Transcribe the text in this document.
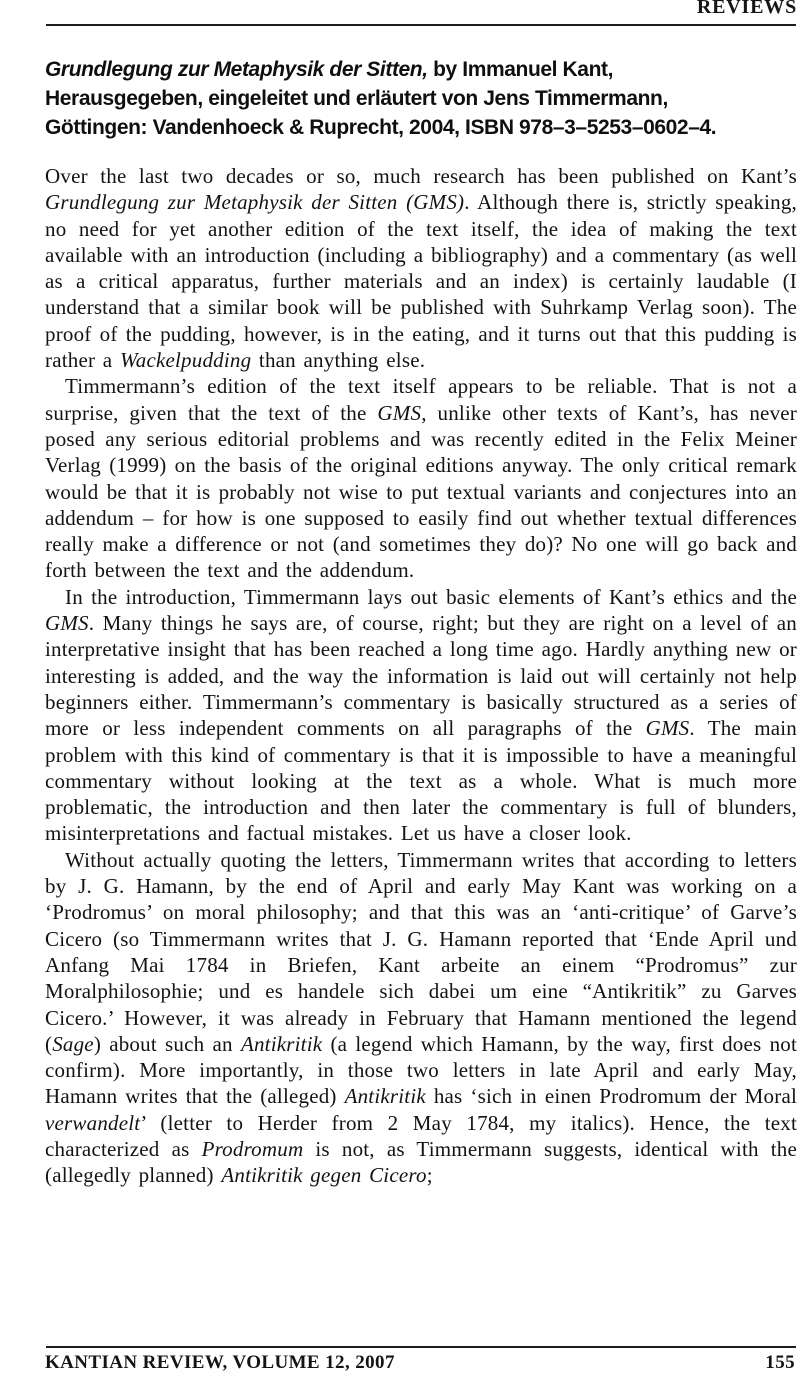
REVIEWS
Grundlegung zur Metaphysik der Sitten, by Immanuel Kant, Herausgegeben, eingeleitet und erläutert von Jens Timmermann, Göttingen: Vandenhoeck & Ruprecht, 2004, ISBN 978–3–5253–0602–4.

Over the last two decades or so, much research has been published on Kant’s Grundlegung zur Metaphysik der Sitten (GMS). Although there is, strictly speaking, no need for yet another edition of the text itself, the idea of making the text available with an introduction (including a bibliography) and a commentary (as well as a critical apparatus, further materials and an index) is certainly laudable (I understand that a similar book will be published with Suhrkamp Verlag soon). The proof of the pudding, however, is in the eating, and it turns out that this pudding is rather a Wackelpudding than anything else.

Timmermann’s edition of the text itself appears to be reliable. That is not a surprise, given that the text of the GMS, unlike other texts of Kant’s, has never posed any serious editorial problems and was recently edited in the Felix Meiner Verlag (1999) on the basis of the original editions anyway. The only critical remark would be that it is probably not wise to put textual variants and conjectures into an addendum – for how is one supposed to easily find out whether textual differences really make a difference or not (and sometimes they do)? No one will go back and forth between the text and the addendum.

In the introduction, Timmermann lays out basic elements of Kant’s ethics and the GMS. Many things he says are, of course, right; but they are right on a level of an interpretative insight that has been reached a long time ago. Hardly anything new or interesting is added, and the way the information is laid out will certainly not help beginners either. Timmermann’s commentary is basically structured as a series of more or less independent comments on all paragraphs of the GMS. The main problem with this kind of commentary is that it is impossible to have a meaningful commentary without looking at the text as a whole. What is much more problematic, the introduction and then later the commentary is full of blunders, misinterpretations and factual mistakes. Let us have a closer look.

Without actually quoting the letters, Timmermann writes that according to letters by J. G. Hamann, by the end of April and early May Kant was working on a ‘Prodromus’ on moral philosophy; and that this was an ‘anti-critique’ of Garve’s Cicero (so Timmermann writes that J. G. Hamann reported that ‘Ende April und Anfang Mai 1784 in Briefen, Kant arbeite an einem “Prodromus” zur Moralphilosophie; und es handele sich dabei um eine “Antikritik” zu Garves Cicero.’ However, it was already in February that Hamann mentioned the legend (Sage) about such an Antikritik (a legend which Hamann, by the way, first does not confirm). More importantly, in those two letters in late April and early May, Hamann writes that the (alleged) Antikritik has ‘sich in einen Prodromum der Moral verwandelt’ (letter to Herder from 2 May 1784, my italics). Hence, the text characterized as Prodromum is not, as Timmermann suggests, identical with the (allegedly planned) Antikritik gegen Cicero;

KANTIAN REVIEW, VOLUME 12, 2007	155
